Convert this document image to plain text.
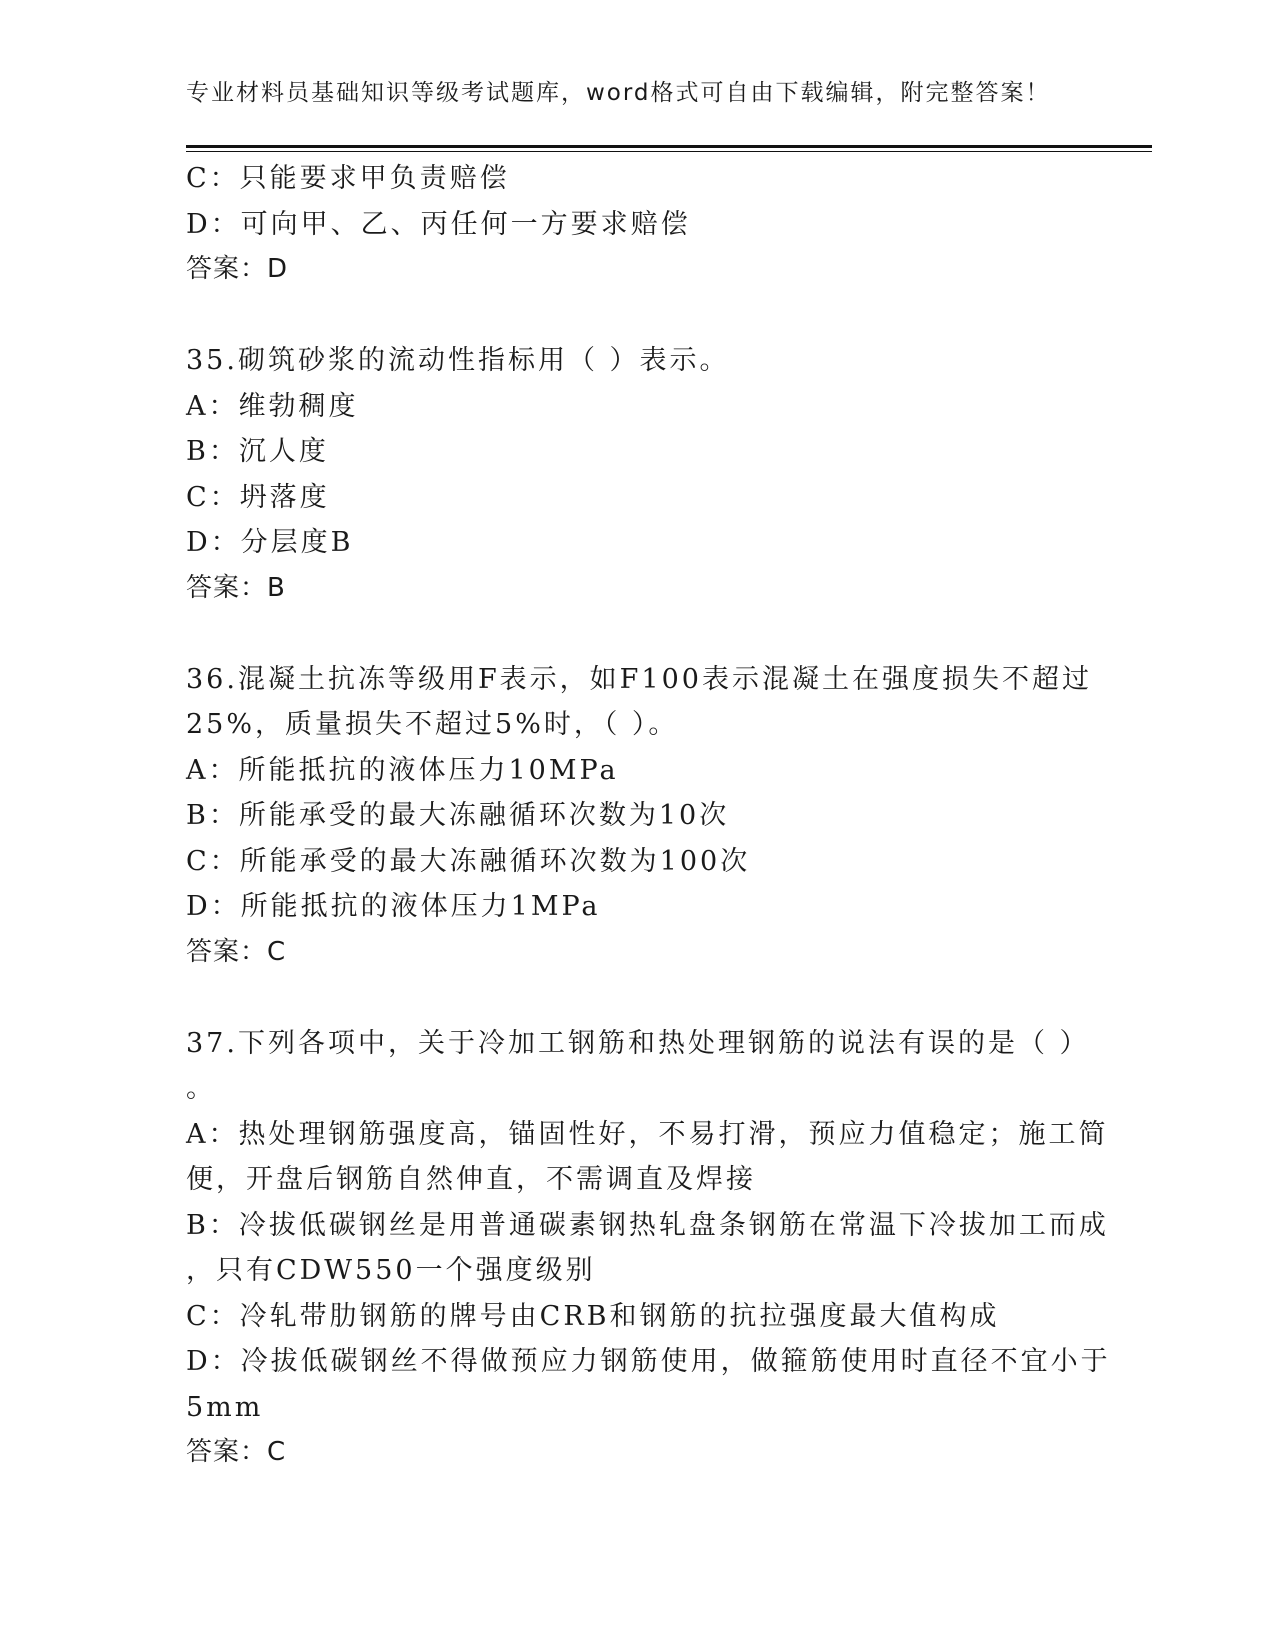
专业材料员基础知识等级考试题库，word格式可自由下载编辑，附完整答案！
C：只能要求甲负责赔偿
D：可向甲、乙、丙任何一方要求赔偿
答案：D
35.砌筑砂浆的流动性指标用（ ）表示。
A：维勃稠度
B：沉人度
C：坍落度
D：分层度B
答案：B
36.混凝土抗冻等级用F表示，如F100表示混凝土在强度损失不超过
25%，质量损失不超过5%时，（ ）。
A：所能抵抗的液体压力10MPa
B：所能承受的最大冻融循环次数为10次
C：所能承受的最大冻融循环次数为100次
D：所能抵抗的液体压力1MPa
答案：C
37.下列各项中，关于冷加工钢筋和热处理钢筋的说法有误的是（ ）
。
A：热处理钢筋强度高，锚固性好，不易打滑，预应力值稳定；施工简
便，开盘后钢筋自然伸直，不需调直及焊接
B：冷拔低碳钢丝是用普通碳素钢热轧盘条钢筋在常温下冷拔加工而成
，只有CDW550一个强度级别
C：冷轧带肋钢筋的牌号由CRB和钢筋的抗拉强度最大值构成
D：冷拔低碳钢丝不得做预应力钢筋使用，做箍筋使用时直径不宜小于
5mm
答案：C
